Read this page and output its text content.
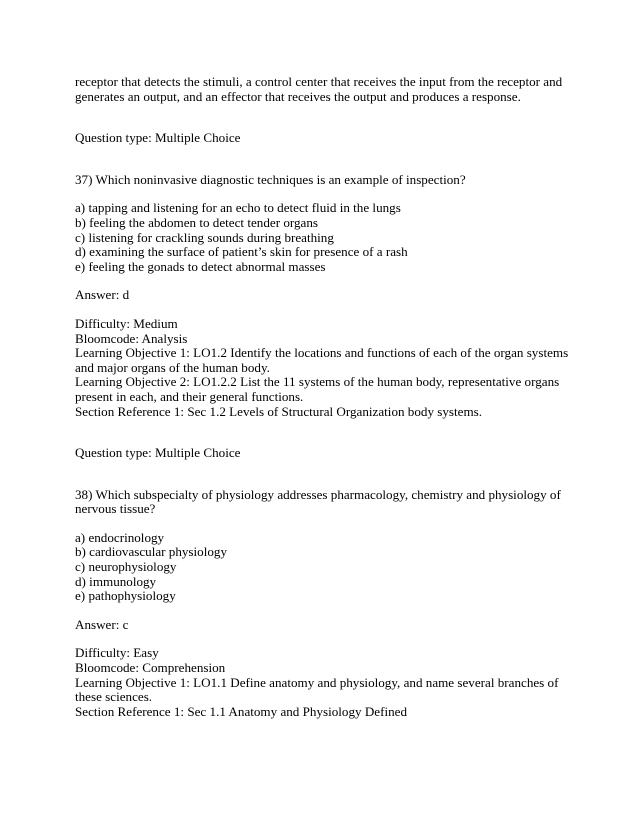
receptor that detects the stimuli, a control center that receives the input from the receptor and
generates an output, and an effector that receives the output and produces a response.

Question type: Multiple Choice

37) Which noninvasive diagnostic techniques is an example of inspection?

a) tapping and listening for an echo to detect fluid in the lungs
b) feeling the abdomen to detect tender organs
c) listening for crackling sounds during breathing
d) examining the surface of patient’s skin for presence of a rash
e) feeling the gonads to detect abnormal masses

Answer: d

Difficulty: Medium
Bloomcode: Analysis
Learning Objective 1: LO1.2 Identify the locations and functions of each of the organ systems
and major organs of the human body.
Learning Objective 2: LO1.2.2 List the 11 systems of the human body, representative organs
present in each, and their general functions.
Section Reference 1: Sec 1.2 Levels of Structural Organization body systems.

Question type: Multiple Choice

38) Which subspecialty of physiology addresses pharmacology, chemistry and physiology of
nervous tissue?

a) endocrinology
b) cardiovascular physiology
c) neurophysiology
d) immunology
e) pathophysiology

Answer: c

Difficulty: Easy
Bloomcode: Comprehension
Learning Objective 1: LO1.1 Define anatomy and physiology, and name several branches of
these sciences.
Section Reference 1: Sec 1.1 Anatomy and Physiology Defined
